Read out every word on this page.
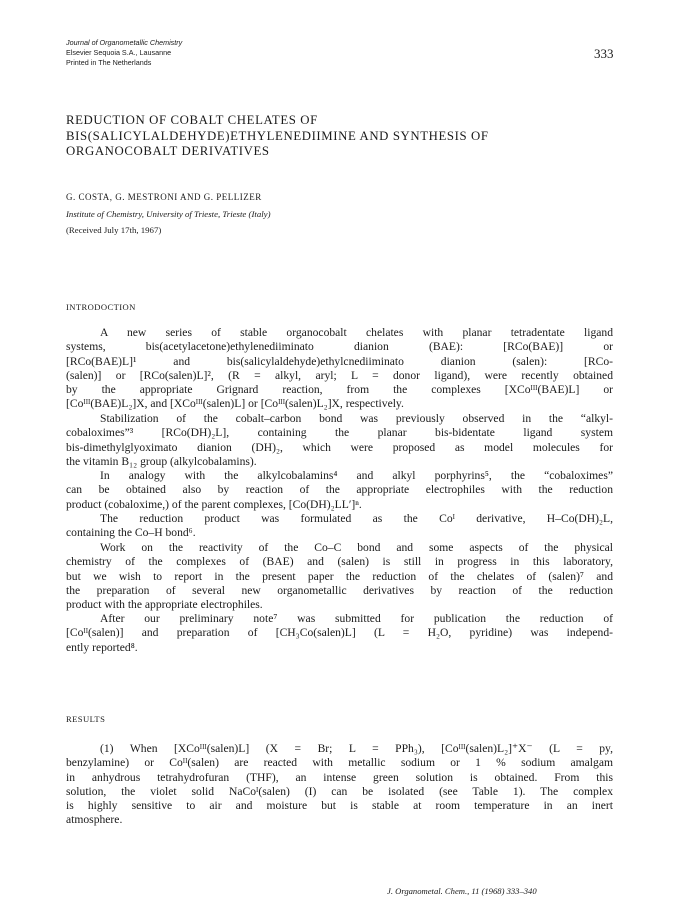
Journal of Organometallic Chemistry
Elsevier Sequoia S.A., Lausanne
Printed in The Netherlands
333
REDUCTION OF COBALT CHELATES OF
BIS(SALICYLALDEHYDE)ETHYLENEDIIMINE AND SYNTHESIS OF
ORGANOCOBALT DERIVATIVES
G. COSTA, G. MESTRONI AND G. PELLIZER
Institute of Chemistry, University of Trieste, Trieste (Italy)
(Received July 17th, 1967)
INTRODOCTION
A new series of stable organocobalt chelates with planar tetradentate ligand
systems, bis(acetylacetone)ethylenediiminato dianion (BAE): [RCo(BAE)] or
[RCo(BAE)L]¹ and bis(salicylaldehyde)ethylcnediiminato dianion (salen): [RCo-
(salen)] or [RCo(salen)L]², (R = alkyl, aryl; L = donor ligand), were recently obtained
by the appropriate Grignard reaction, from the complexes [XCoᴵᴵᴵ(BAE)L] or
[Coᴵᴵᴵ(BAE)L₂]X, and [XCoᴵᴵᴵ(salen)L] or [Coᴵᴵᴵ(salen)L₂]X, respectively.
Stabilization of the cobalt–carbon bond was previously observed in the “alkyl-
cobaloximes”³ [RCo(DH)₂L], containing the planar bis-bidentate ligand system
bis-dimethylglyoximato dianion (DH)₂, which were proposed as model molecules for
the vitamin B₁₂ group (alkylcobalamins).
In analogy with the alkylcobalamins⁴ and alkyl porphyrins⁵, the “cobaloximes”
can be obtained also by reaction of the appropriate electrophiles with the reduction
product (cobaloxime,) of the parent complexes, [Co(DH)₂LL′]ⁿ.
The reduction product was formulated as the Coᴵ derivative, H–Co(DH)₂L,
containing the Co–H bond⁶.
Work on the reactivity of the Co–C bond and some aspects of the physical
chemistry of the complexes of (BAE) and (salen) is still in progress in this laboratory,
but we wish to report in the present paper the reduction of the chelates of (salen)⁷ and
the preparation of several new organometallic derivatives by reaction of the reduction
product with the appropriate electrophiles.
After our preliminary note⁷ was submitted for publication the reduction of
[Coᴵᴵ(salen)] and preparation of [CH₃Co(salen)L] (L = H₂O, pyridine) was independ-
ently reported⁸.
RESULTS
(1) When [XCoᴵᴵᴵ(salen)L] (X = Br; L = PPh₃), [Coᴵᴵᴵ(salen)L₂]⁺X⁻ (L = py,
benzylamine) or Coᴵᴵ(salen) are reacted with metallic sodium or 1 % sodium amalgam
in anhydrous tetrahydrofuran (THF), an intense green solution is obtained. From this
solution, the violet solid NaCoᴵ(salen) (I) can be isolated (see Table 1). The complex
is highly sensitive to air and moisture but is stable at room temperature in an inert
atmosphere.
J. Organometal. Chem., 11 (1968) 333–340
